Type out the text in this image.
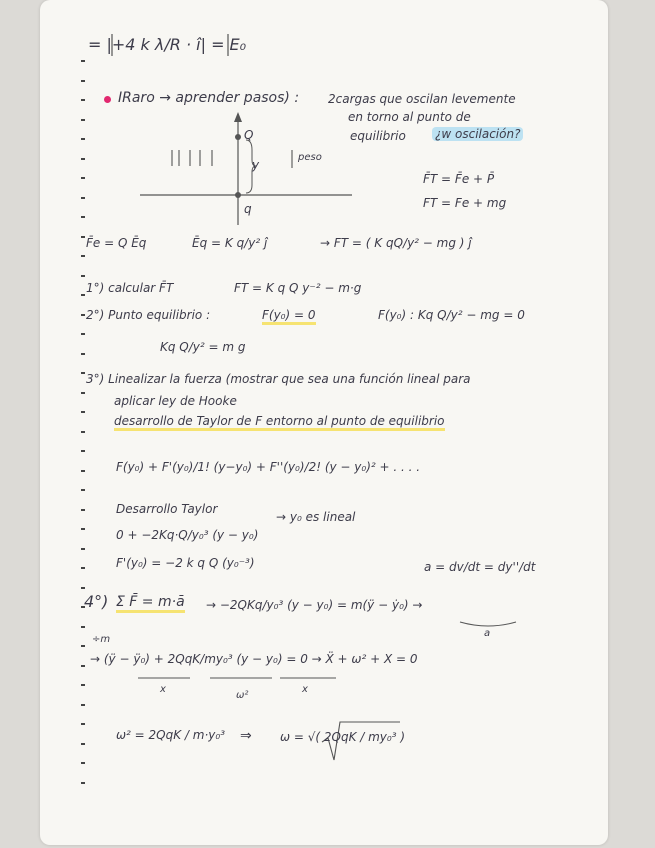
= |+4 k λ/R · î| = E₀
IRaro → aprender pasos) : 2cargas que oscilan levemente
en torno al punto de
equilibrio ¿w oscilación?
Q
y
peso
q
F̄T = F̄e + P̄
FT = Fe + mg
F̄e = Q Ēq	Ēq = K q/y² ĵ	→ FT = ( K qQ/y² − mg ) ĵ
1°) calcular F̄T	FT = K q Q y⁻² − m·g
2°) Punto equilibrio :	F(y₀) = 0	F(y₀) : Kq Q/y² − mg = 0
Kq Q/y² = m g
3°) Linealizar la fuerza (mostrar que sea una función lineal para
aplicar ley de Hooke
desarrollo de Taylor de F entorno al punto de equilibrio
F(y₀) + F'(y₀)/1! (y−y₀) + F''(y₀)/2! (y − y₀)² + . . . .
Desarrollo Taylor
→ y₀ es lineal
0 + −2Kq·Q/y₀³ (y − y₀)
F'(y₀) = −2 k q Q (y₀⁻³)	a = dv/dt = dy''/dt
4°) Σ F̄ = m·ā → −2QKq/y₀³ (y − y₀) = m(ÿ − ẏ₀) →
a
÷m
→ (ÿ − ÿ₀) + 2QqK/my₀³ (y − y₀) = 0 → Ẍ + ω² + X = 0
x
ω²
x
ω² = 2QqK / m·y₀³ ⇒ ω = √( 2QqK / my₀³ )
